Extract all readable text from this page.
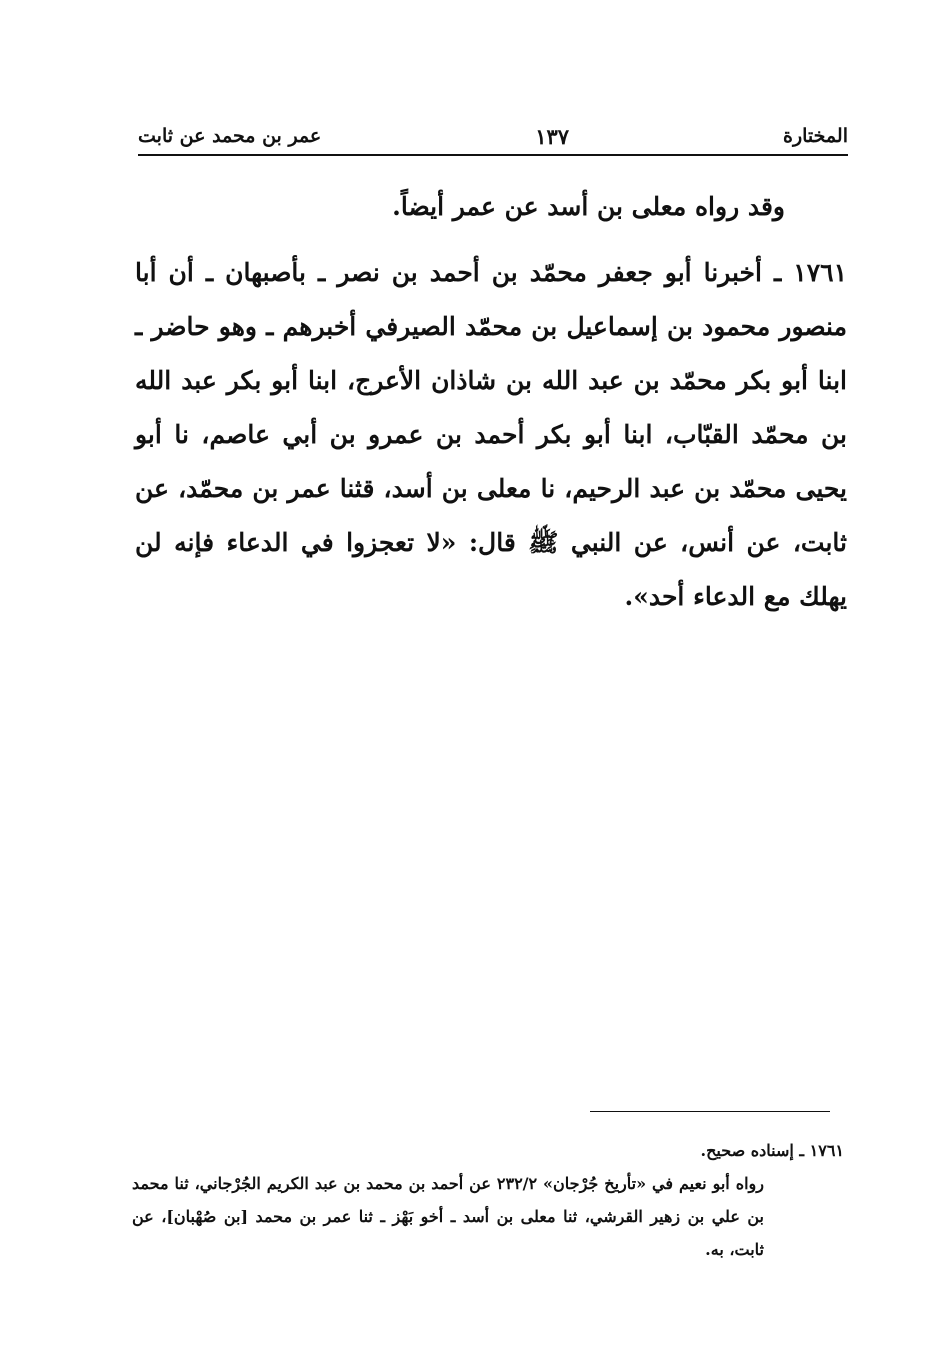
المختارة
١٣٧
عمر بن محمد عن ثابت

وقد رواه معلى بن أسد عن عمر أيضاً.

١٧٦١ ـ أخبرنا أبو جعفر محمّد بن أحمد بن نصر ـ بأصبهان ـ أن أبا منصور محمود بن إسماعيل بن محمّد الصيرفي أخبرهم ـ وهو حاضر ـ ابنا أبو بكر محمّد بن عبد الله بن شاذان الأعرج، ابنا أبو بكر عبد الله بن محمّد القبّاب، ابنا أبو بكر أحمد بن عمرو بن أبي عاصم، نا أبو يحيى محمّد بن عبد الرحيم، نا معلى بن أسد، قثنا عمر بن محمّد، عن ثابت، عن أنس، عن النبي ﷺ قال: «لا تعجزوا في الدعاء فإنه لن يهلك مع الدعاء أحد».

١٧٦١ ـ إسناده صحيح.

رواه أبو نعيم في «تأريخ جُرْجان» ٢٣٢/٢ عن أحمد بن محمد بن عبد الكريم الجُرْجاني، ثنا محمد بن علي بن زهير القرشي، ثنا معلى بن أسد ـ أخو بَهْز ـ ثنا عمر بن محمد [بن صُهْبان]، عن ثابت، به.
